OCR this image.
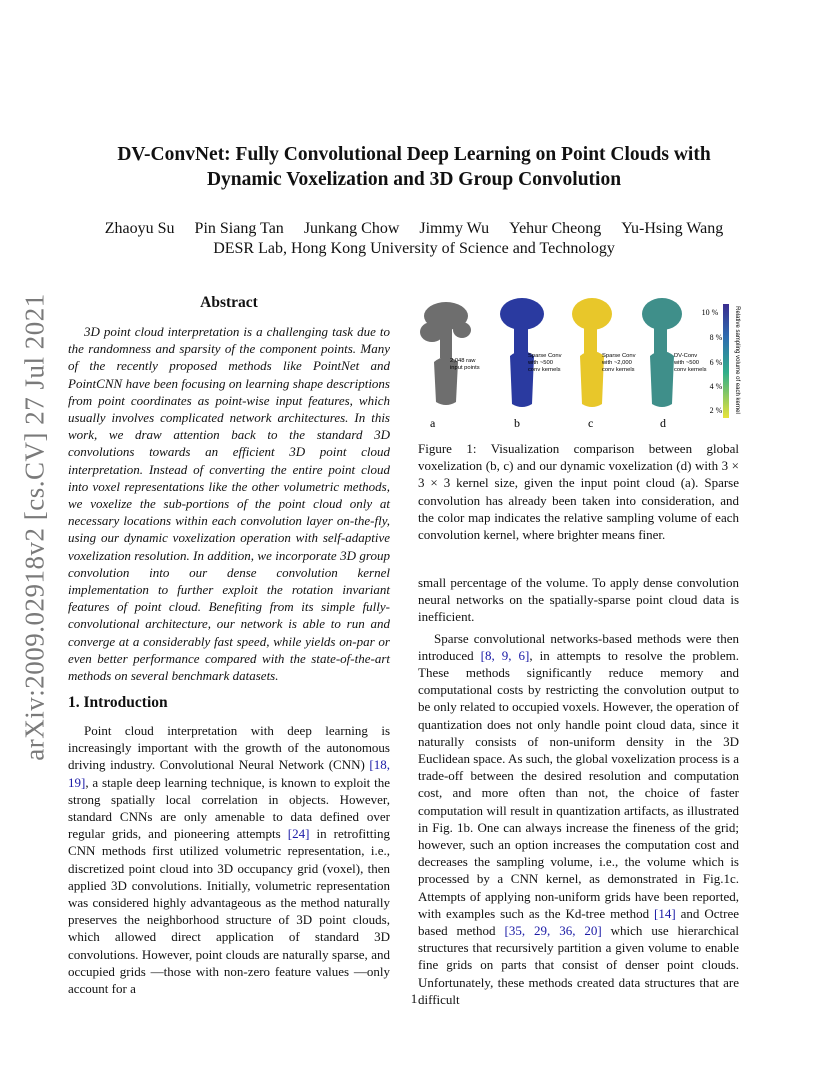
arXiv:2009.02918v2 [cs.CV] 27 Jul 2021
DV-ConvNet: Fully Convolutional Deep Learning on Point Clouds with
Dynamic Voxelization and 3D Group Convolution
Zhaoyu Su Pin Siang Tan Junkang Chow Jimmy Wu Yehur Cheong Yu-Hsing Wang
DESR Lab, Hong Kong University of Science and Technology
Abstract

3D point cloud interpretation is a challenging task due to the randomness and sparsity of the component points. Many of the recently proposed methods like PointNet and PointCNN have been focusing on learning shape descriptions from point coordinates as point-wise input features, which usually involves complicated network architectures. In this work, we draw attention back to the standard 3D convolutions towards an efficient 3D point cloud interpretation. Instead of converting the entire point cloud into voxel representations like the other volumetric methods, we voxelize the sub-portions of the point cloud only at necessary locations within each convolution layer on-the-fly, using our dynamic voxelization operation with self-adaptive voxelization resolution. In addition, we incorporate 3D group convolution into our dense convolution kernel implementation to further exploit the rotation invariant features of point cloud. Benefiting from its simple fully-convolutional architecture, our network is able to run and converge at a considerably fast speed, while yields on-par or even better performance compared with the state-of-the-art methods on several benchmark datasets.

1. Introduction

Point cloud interpretation with deep learning is increasingly important with the growth of the autonomous driving industry. Convolutional Neural Network (CNN) [18, 19], a staple deep learning technique, is known to exploit the strong spatially local correlation in objects. However, standard CNNs are only amenable to data defined over regular grids, and pioneering attempts [24] in retrofitting CNN methods first utilized volumetric representation, i.e., discretized point cloud into 3D occupancy grid (voxel), then applied 3D convolutions. Initially, volumetric representation was considered highly advantageous as the method naturally preserves the neighborhood structure of 3D point clouds, which allowed direct application of standard 3D convolutions. However, point clouds are naturally sparse, and occupied grids —those with non-zero feature values —only account for a

2,048 raw input points
Sparse Conv with ~500 conv kernels
Sparse Conv with ~2,000 conv kernels
DV-Conv with ~500 conv kernels
a	b	c	d
10 %
8 %
6 %
4 %
2 % Relative sampling volume of each kernel
Figure 1: Visualization comparison between global voxelization (b, c) and our dynamic voxelization (d) with 3 × 3 × 3 kernel size, given the input point cloud (a). Sparse convolution has already been taken into consideration, and the color map indicates the relative sampling volume of each convolution kernel, where brighter means finer.

small percentage of the volume. To apply dense convolution neural networks on the spatially-sparse point cloud data is inefficient.

Sparse convolutional networks-based methods were then introduced [8, 9, 6], in attempts to resolve the problem. These methods significantly reduce memory and computational costs by restricting the convolution output to be only related to occupied voxels. However, the operation of quantization does not only handle point cloud data, since it naturally consists of non-uniform density in the 3D Euclidean space. As such, the global voxelization process is a trade-off between the desired resolution and computation cost, and more often than not, the choice of faster computation will result in quantization artifacts, as illustrated in Fig. 1b. One can always increase the fineness of the grid; however, such an option increases the computation cost and decreases the sampling volume, i.e., the volume which is processed by a CNN kernel, as demonstrated in Fig.1c. Attempts of applying non-uniform grids have been reported, with examples such as the Kd-tree method [14] and Octree based method [35, 29, 36, 20] which use hierarchical structures that recursively partition a given volume to enable fine grids on parts that consist of denser point clouds. Unfortunately, these methods created data structures that are difficult

1
